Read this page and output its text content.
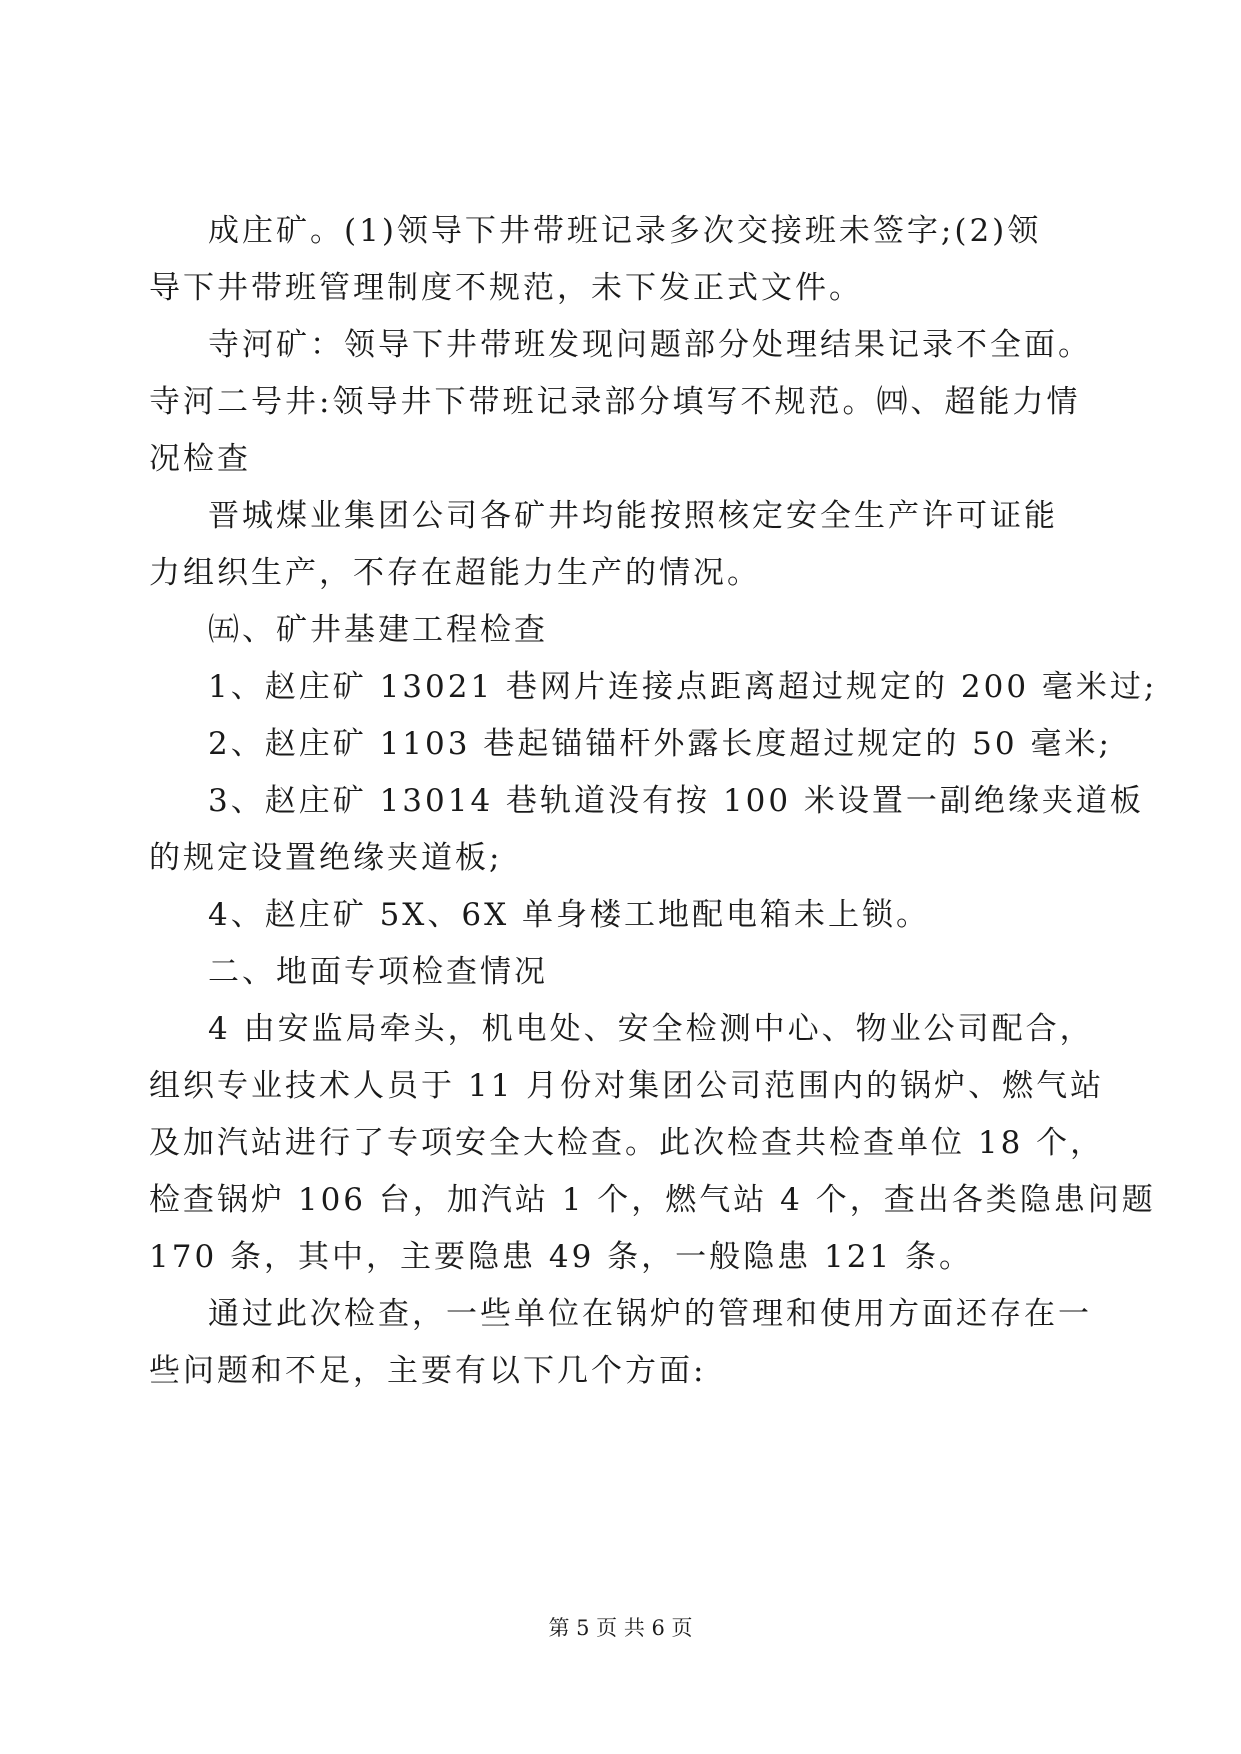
成庄矿。(1)领导下井带班记录多次交接班未签字;(2)领
导下井带班管理制度不规范，未下发正式文件。
寺河矿：领导下井带班发现问题部分处理结果记录不全面。
寺河二号井:领导井下带班记录部分填写不规范。㈣、超能力情
况检查
晋城煤业集团公司各矿井均能按照核定安全生产许可证能
力组织生产，不存在超能力生产的情况。
㈤、矿井基建工程检查
1、赵庄矿 13021 巷网片连接点距离超过规定的 200 毫米过;
2、赵庄矿 1103 巷起锚锚杆外露长度超过规定的 50 毫米;
3、赵庄矿 13014 巷轨道没有按 100 米设置一副绝缘夹道板
的规定设置绝缘夹道板;
4、赵庄矿 5X、6X 单身楼工地配电箱未上锁。
二、地面专项检查情况
4 由安监局牵头，机电处、安全检测中心、物业公司配合，
组织专业技术人员于 11 月份对集团公司范围内的锅炉、燃气站
及加汽站进行了专项安全大检查。此次检查共检查单位 18 个，
检查锅炉 106 台，加汽站 1 个，燃气站 4 个，查出各类隐患问题
170 条，其中，主要隐患 49 条，一般隐患 121 条。
通过此次检查，一些单位在锅炉的管理和使用方面还存在一
些问题和不足，主要有以下几个方面:
第 5 页 共 6 页
